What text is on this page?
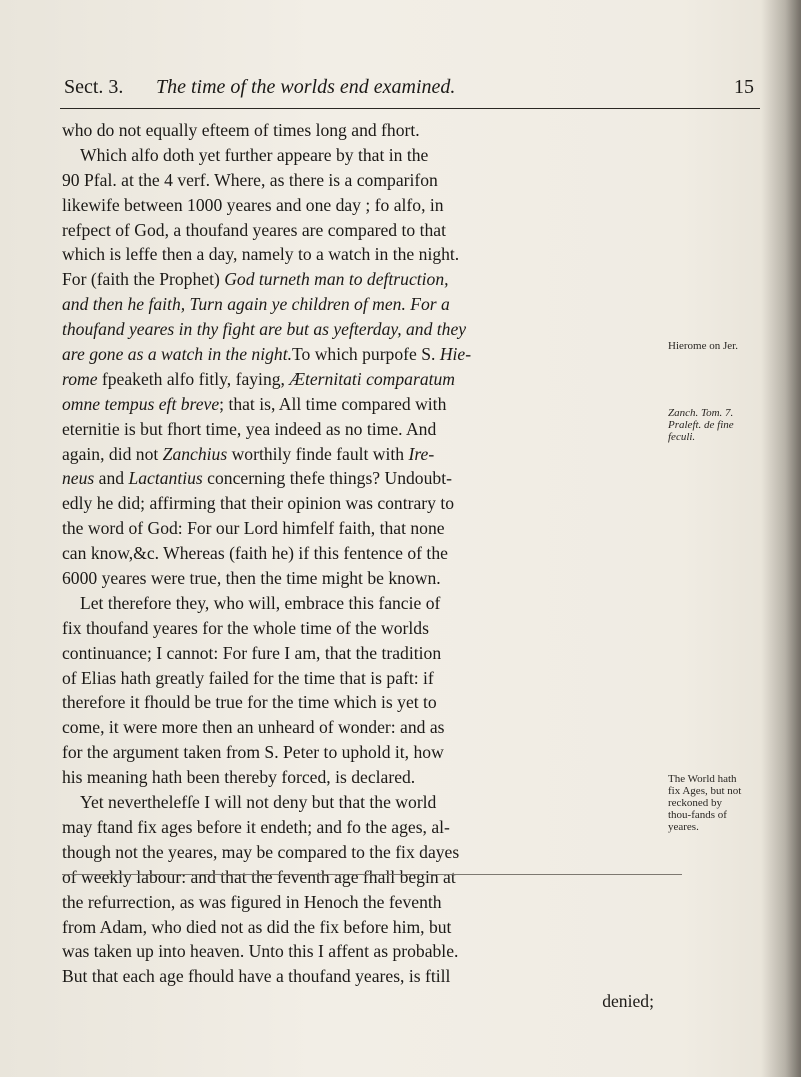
Sect. 3. The time of the worlds end examined.	15
who do not equally efteem of times long and fhort.
Which alfo doth yet further appeare by that in the
90 Pfal. at the 4 verf. Where, as there is a comparifon
likewife between 1000 yeares and one day ; fo alfo, in
refpect of God, a thoufand yeares are compared to that
which is leffe then a day, namely to a watch in the night.
For (faith the Prophet) God turneth man to deftruction,
and then he faith, Turn again ye children of men. For a
thoufand yeares in thy fight are but as yefterday, and they
are gone as a watch in the night.To which purpofe S. Hie-
rome fpeaketh alfo fitly, faying, Æternitati comparatum
omne tempus eft breve; that is, All time compared with
eternitie is but fhort time, yea indeed as no time. And
again, did not Zanchius worthily finde fault with Ire-
neus and Lactantius concerning thefe things? Undoubt-
edly he did; affirming that their opinion was contrary to
the word of God: For our Lord himfelf faith, that none
can know,&c. Whereas (faith he) if this fentence of the
6000 yeares were true, then the time might be known.
Let therefore they, who will, embrace this fancie of
fix thoufand yeares for the whole time of the worlds
continuance; I cannot: For fure I am, that the tradition
of Elias hath greatly failed for the time that is paft: if
therefore it fhould be true for the time which is yet to
come, it were more then an unheard of wonder: and as
for the argument taken from S. Peter to uphold it, how
his meaning hath been thereby forced, is declared.
Yet neverthelefſe I will not deny but that the world
may ftand fix ages before it endeth; and fo the ages, al-
though not the yeares, may be compared to the fix dayes
of weekly labour: and that the feventh age fhall begin at
the refurrection, as was figured in Henoch the feventh
from Adam, who died not as did the fix before him, but
was taken up into heaven. Unto this I affent as probable.
But that each age fhould have a thoufand yeares, is ftill
denied;
Hierome on Jer.
Zanch. Tom. 7.
Praleft. de fine
feculi.
The World hath fix Ages, but not reckoned by thou-fands of yeares.
